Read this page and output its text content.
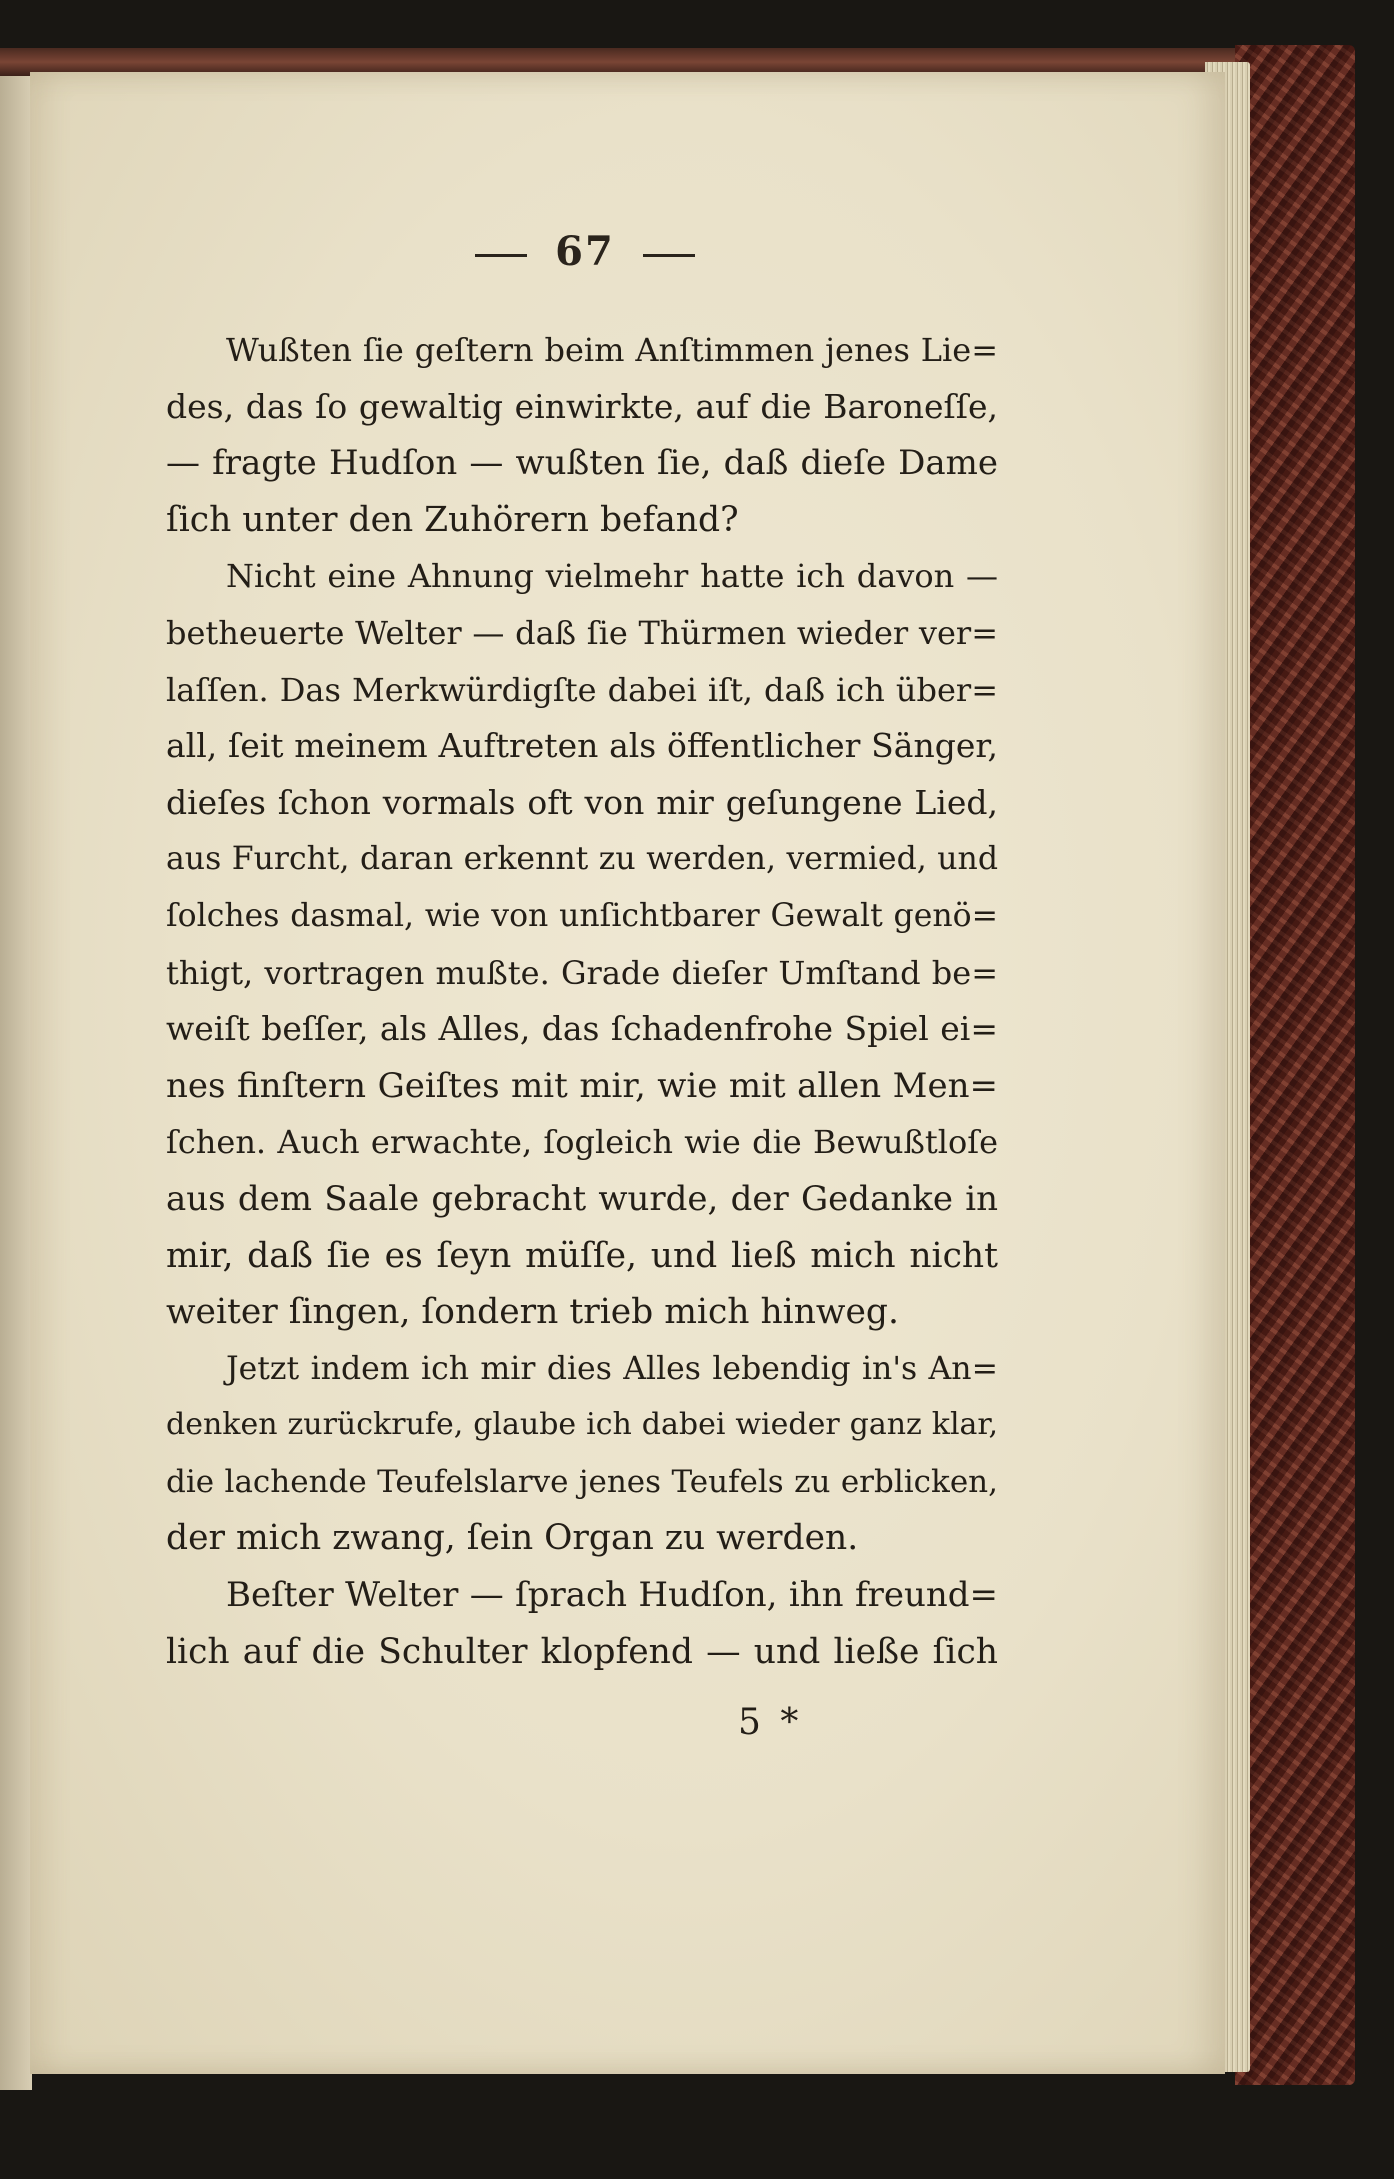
67
Wußten ſie geſtern beim Anſtimmen jenes Lie=
des, das ſo gewaltig einwirkte, auf die Baroneſſe,
— fragte Hudſon — wußten ſie, daß dieſe Dame
ſich unter den Zuhörern befand?
Nicht eine Ahnung vielmehr hatte ich davon —
betheuerte Welter — daß ſie Thürmen wieder ver=
laſſen. Das Merkwürdigſte dabei iſt, daß ich über=
all, ſeit meinem Auftreten als öffentlicher Sänger,
dieſes ſchon vormals oft von mir geſungene Lied,
aus Furcht, daran erkennt zu werden, vermied, und
ſolches dasmal, wie von unſichtbarer Gewalt genö=
thigt, vortragen mußte. Grade dieſer Umſtand be=
weiſt beſſer, als Alles, das ſchadenfrohe Spiel ei=
nes finſtern Geiſtes mit mir, wie mit allen Men=
ſchen. Auch erwachte, ſogleich wie die Bewußtloſe
aus dem Saale gebracht wurde, der Gedanke in
mir, daß ſie es ſeyn müſſe, und ließ mich nicht
weiter ſingen, ſondern trieb mich hinweg.
Jetzt indem ich mir dies Alles lebendig in's An=
denken zurückrufe, glaube ich dabei wieder ganz klar,
die lachende Teufelslarve jenes Teufels zu erblicken,
der mich zwang, ſein Organ zu werden.
Beſter Welter — ſprach Hudſon, ihn freund=
lich auf die Schulter klopfend — und ließe ſich
5 *
